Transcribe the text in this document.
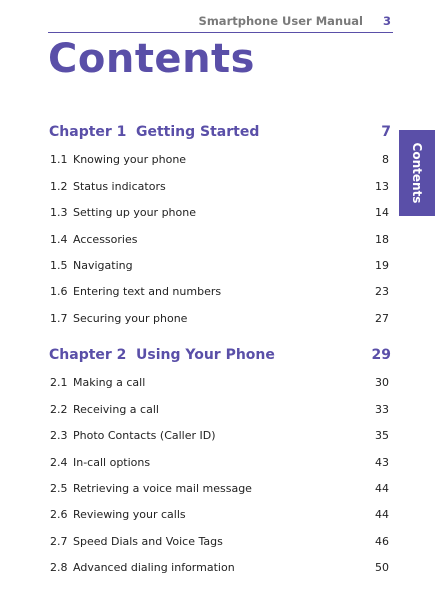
Smartphone User Manual 3
Contents
Contents
Chapter 1 Getting Started	7
1.1 Knowing your phone	8
1.2 Status indicators	13
1.3 Setting up your phone	14
1.4 Accessories	18
1.5 Navigating	19
1.6 Entering text and numbers	23
1.7 Securing your phone	27
Chapter 2 Using Your Phone	29
2.1 Making a call	30
2.2 Receiving a call	33
2.3 Photo Contacts (Caller ID)	35
2.4 In-call options	43
2.5 Retrieving a voice mail message	44
2.6 Reviewing your calls	44
2.7 Speed Dials and Voice Tags	46
2.8 Advanced dialing information	50
